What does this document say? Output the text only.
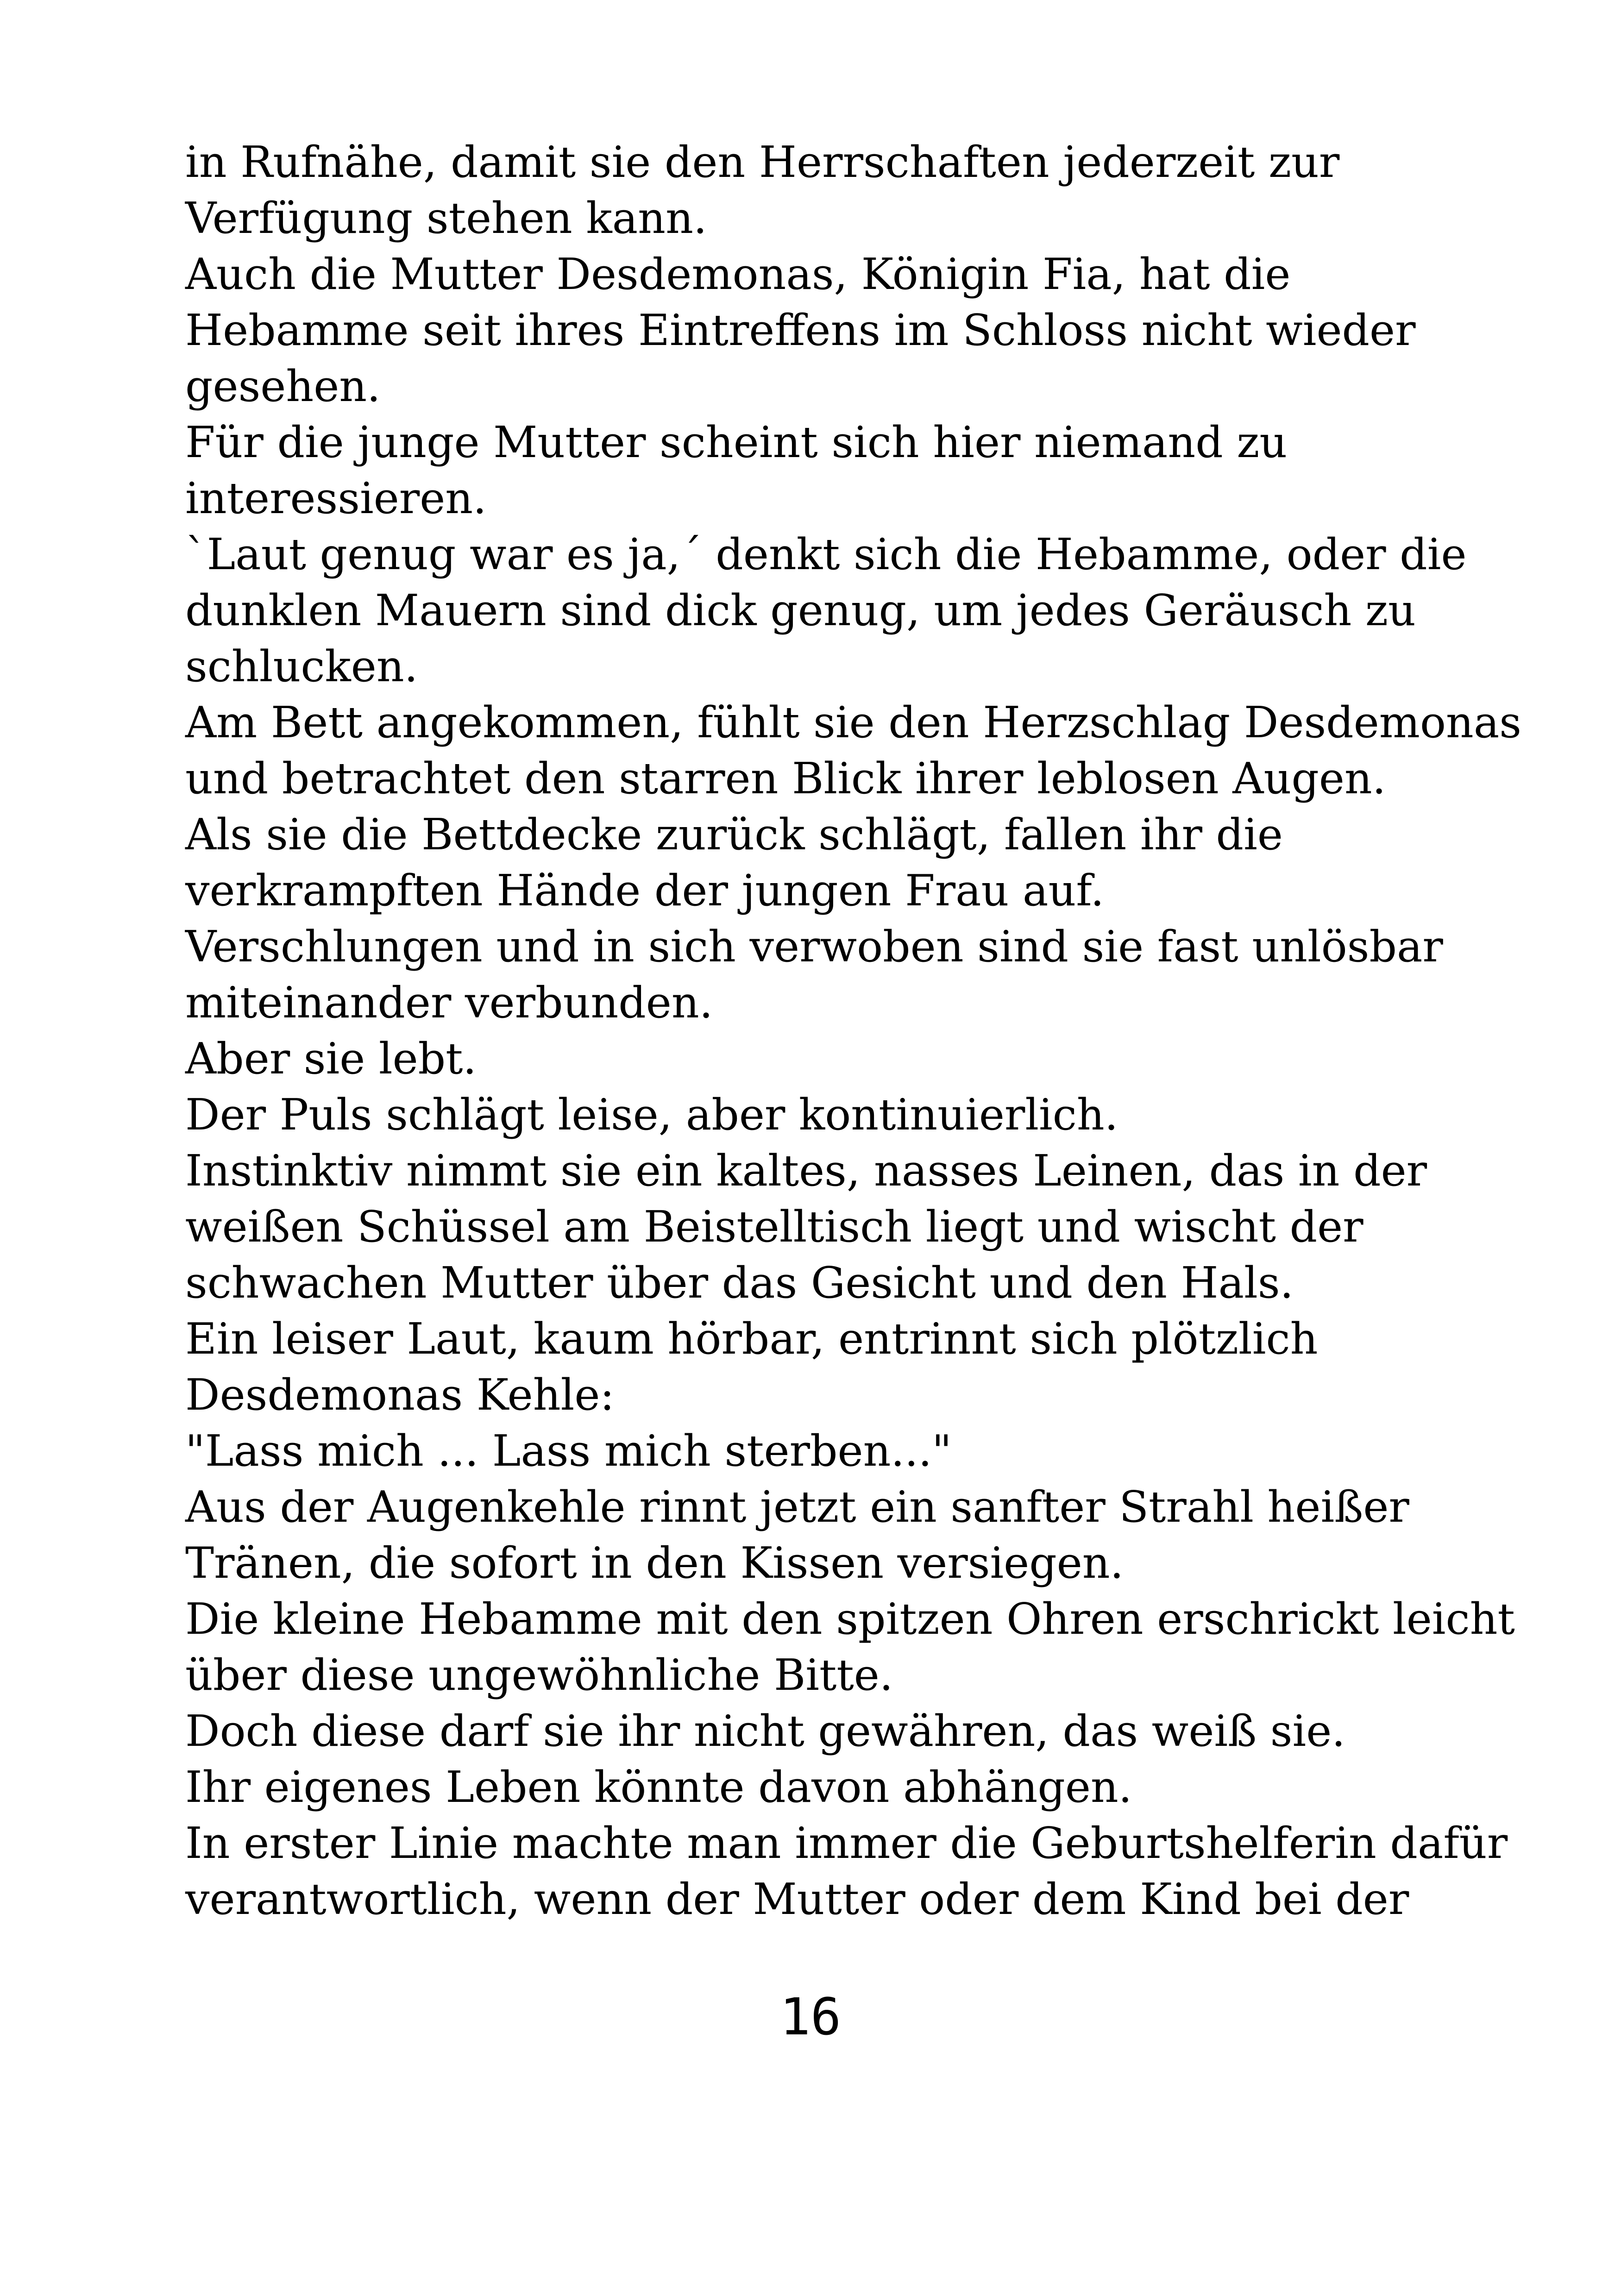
in Rufnähe, damit sie den Herrschaften jederzeit zur
Verfügung stehen kann.
Auch die Mutter Desdemonas, Königin Fia, hat die
Hebamme seit ihres Eintreffens im Schloss nicht wieder
gesehen.
Für die junge Mutter scheint sich hier niemand zu
interessieren.
`Laut genug war es ja,´ denkt sich die Hebamme, oder die
dunklen Mauern sind dick genug, um jedes Geräusch zu
schlucken.
Am Bett angekommen, fühlt sie den Herzschlag Desdemonas
und betrachtet den starren Blick ihrer leblosen Augen.
Als sie die Bettdecke zurück schlägt, fallen ihr die
verkrampften Hände der jungen Frau auf.
Verschlungen und in sich verwoben sind sie fast unlösbar
miteinander verbunden.
Aber sie lebt.
Der Puls schlägt leise, aber kontinuierlich.
Instinktiv nimmt sie ein kaltes, nasses Leinen, das in der
weißen Schüssel am Beistelltisch liegt und wischt der
schwachen Mutter über das Gesicht und den Hals.
Ein leiser Laut, kaum hörbar, entrinnt sich plötzlich
Desdemonas Kehle:
"Lass mich ... Lass mich sterben..."
Aus der Augenkehle rinnt jetzt ein sanfter Strahl heißer
Tränen, die sofort in den Kissen versiegen.
Die kleine Hebamme mit den spitzen Ohren erschrickt leicht
über diese ungewöhnliche Bitte.
Doch diese darf sie ihr nicht gewähren, das weiß sie.
Ihr eigenes Leben könnte davon abhängen.
In erster Linie machte man immer die Geburtshelferin dafür
verantwortlich, wenn der Mutter oder dem Kind bei der
16
